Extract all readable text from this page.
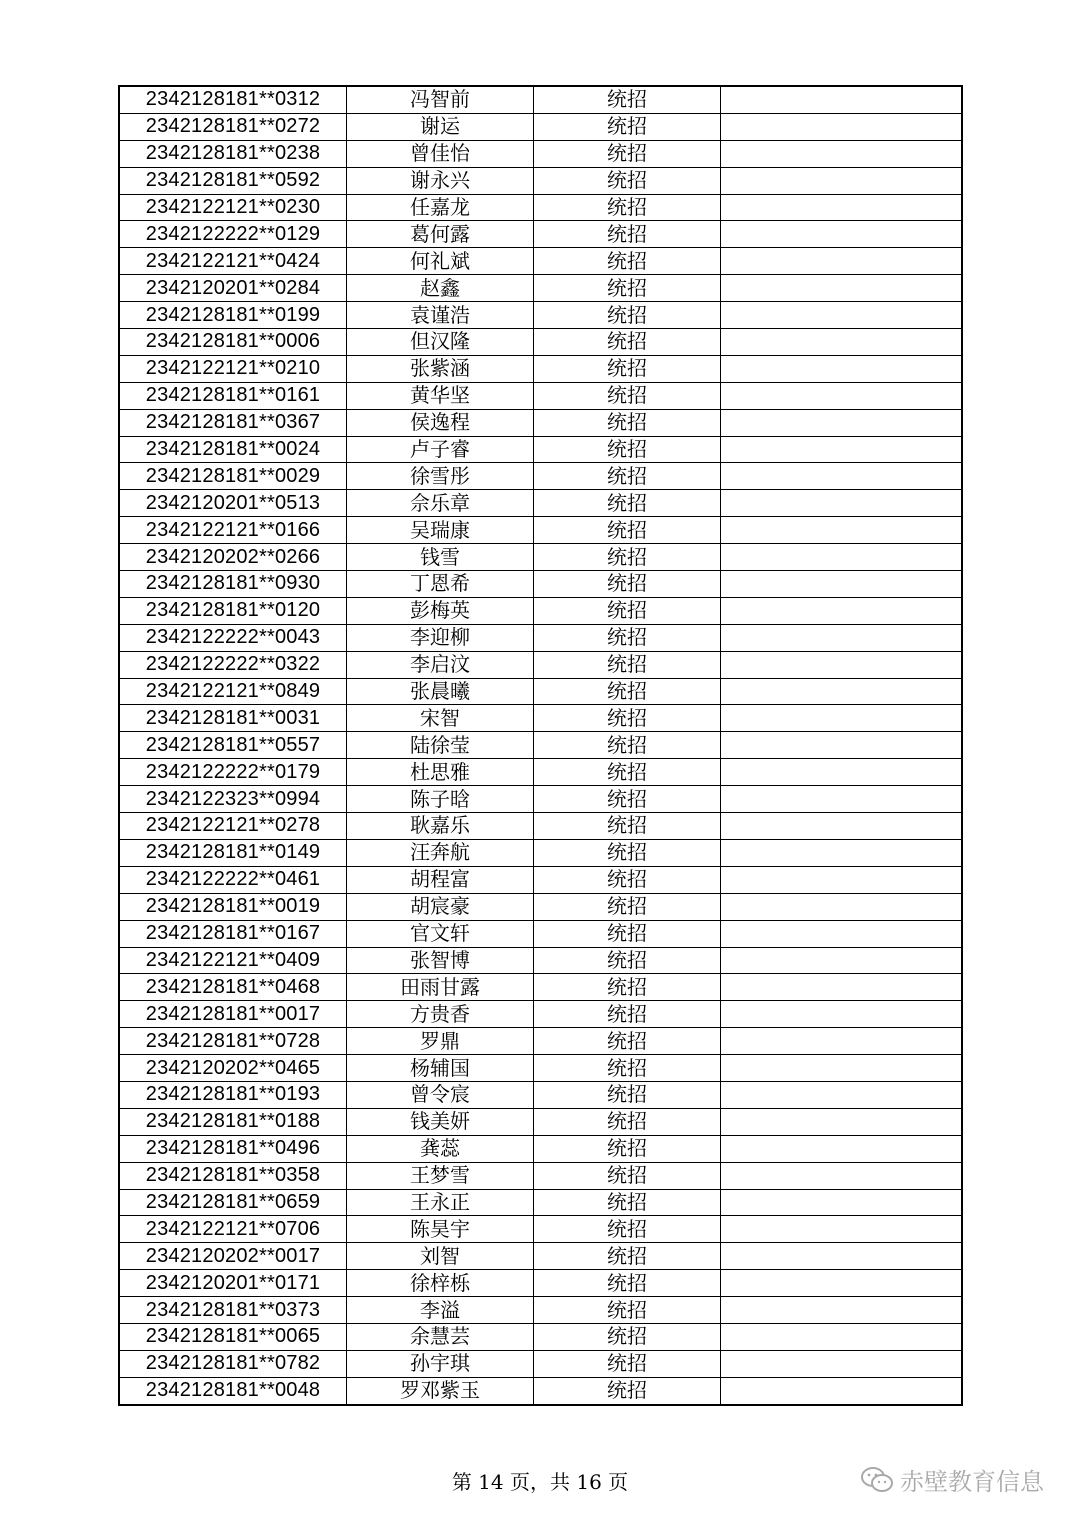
2342128181**0312	冯智前	统招	
2342128181**0272	谢运	统招	
2342128181**0238	曾佳怡	统招	
2342128181**0592	谢永兴	统招	
2342122121**0230	任嘉龙	统招	
2342122222**0129	葛何露	统招	
2342122121**0424	何礼斌	统招	
2342120201**0284	赵鑫	统招	
2342128181**0199	袁谨浩	统招	
2342128181**0006	但汉隆	统招	
2342122121**0210	张紫涵	统招	
2342128181**0161	黄华坚	统招	
2342128181**0367	侯逸程	统招	
2342128181**0024	卢子睿	统招	
2342128181**0029	徐雪彤	统招	
2342120201**0513	佘乐章	统招	
2342122121**0166	吴瑞康	统招	
2342120202**0266	钱雪	统招	
2342128181**0930	丁恩希	统招	
2342128181**0120	彭梅英	统招	
2342122222**0043	李迎柳	统招	
2342122222**0322	李启汶	统招	
2342122121**0849	张晨曦	统招	
2342128181**0031	宋智	统招	
2342128181**0557	陆徐莹	统招	
2342122222**0179	杜思雅	统招	
2342122323**0994	陈子晗	统招	
2342122121**0278	耿嘉乐	统招	
2342128181**0149	汪奔航	统招	
2342122222**0461	胡程富	统招	
2342128181**0019	胡宸豪	统招	
2342128181**0167	官文轩	统招	
2342122121**0409	张智博	统招	
2342128181**0468	田雨甘露	统招	
2342128181**0017	方贵香	统招	
2342128181**0728	罗鼎	统招	
2342120202**0465	杨辅国	统招	
2342128181**0193	曾令宸	统招	
2342128181**0188	钱美妍	统招	
2342128181**0496	龚蕊	统招	
2342128181**0358	王梦雪	统招	
2342128181**0659	王永正	统招	
2342122121**0706	陈昊宇	统招	
2342120202**0017	刘智	统招	
2342120201**0171	徐梓栎	统招	
2342128181**0373	李溢	统招	
2342128181**0065	余慧芸	统招	
2342128181**0782	孙宇琪	统招	
2342128181**0048	罗邓紫玉	统招	
第 14 页，共 16 页	赤壁教育信息
